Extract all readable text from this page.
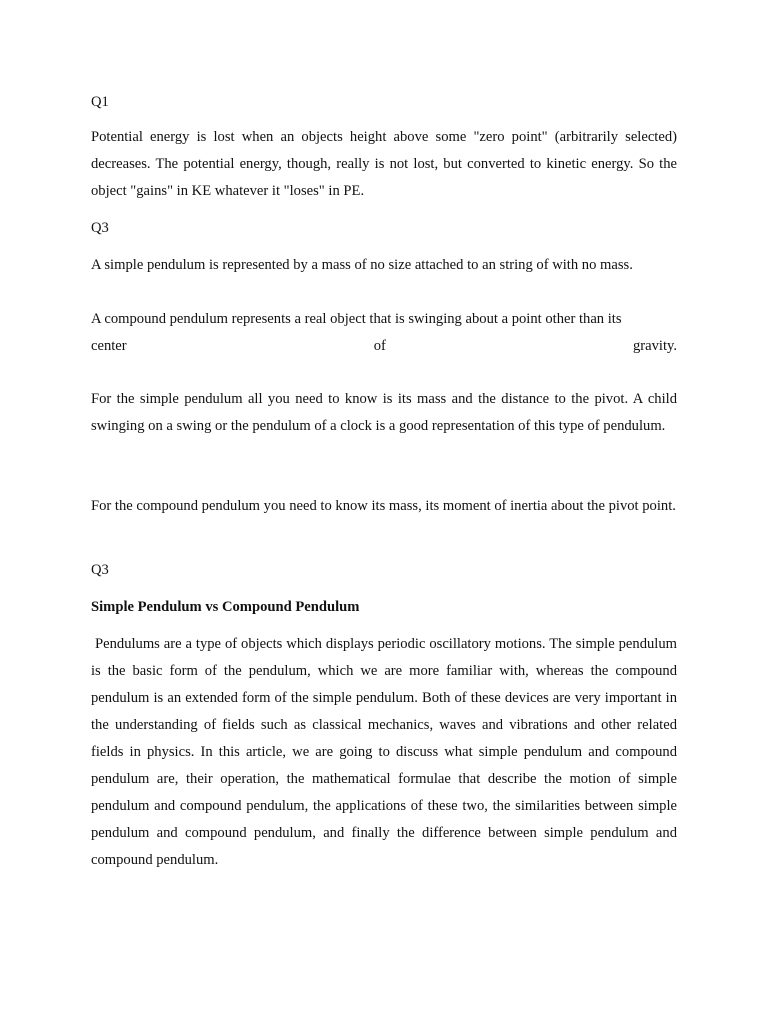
Q1

Potential energy is lost when an objects height above some "zero point" (arbitrarily selected) decreases. The potential energy, though, really is not lost, but converted to kinetic energy. So the object "gains" in KE whatever it "loses" in PE.

Q3

A simple pendulum is represented by a mass of no size attached to an string of with no mass.

A compound pendulum represents a real object that is swinging about a point other than its
center	of	gravity.

For the simple pendulum all you need to know is its mass and the distance to the pivot. A child swinging on a swing or the pendulum of a clock is a good representation of this type of pendulum.

For the compound pendulum you need to know its mass, its moment of inertia about the pivot point.

Q3

Simple Pendulum vs Compound Pendulum

Pendulums are a type of objects which displays periodic oscillatory motions. The simple pendulum is the basic form of the pendulum, which we are more familiar with, whereas the compound pendulum is an extended form of the simple pendulum. Both of these devices are very important in the understanding of fields such as classical mechanics, waves and vibrations and other related fields in physics. In this article, we are going to discuss what simple pendulum and compound pendulum are, their operation, the mathematical formulae that describe the motion of simple pendulum and compound pendulum, the applications of these two, the similarities between simple pendulum and compound pendulum, and finally the difference between simple pendulum and compound pendulum.
